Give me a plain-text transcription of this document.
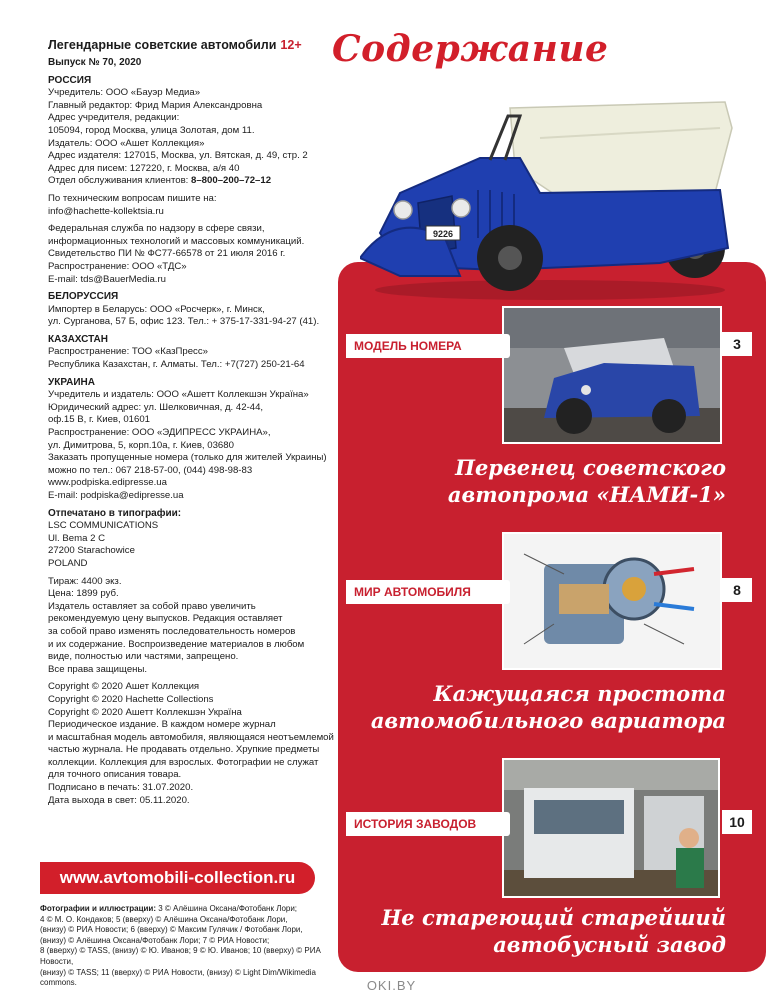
Легендарные советские автомобили 12+
Выпуск № 70, 2020
РОССИЯ
Учредитель: ООО «Бауэр Медиа»
Главный редактор: Фрид Мария Александровна
Адрес учредителя, редакции:
105094, город Москва, улица Золотая, дом 11.
Издатель: ООО «Ашет Коллекция»
Адрес издателя: 127015, Москва, ул. Вятская, д. 49, стр. 2
Адрес для писем: 127220, г. Москва, а/я 40
Отдел обслуживания клиентов: 8–800–200–72–12
По техническим вопросам пишите на:
info@hachette-kollektsia.ru
Федеральная служба по надзору в сфере связи,
информационных технологий и массовых коммуникаций.
Свидетельство ПИ № ФС77-66578 от 21 июля 2016 г.
Распространение: ООО «ТДС»
E-mail: tds@BauerMedia.ru
БЕЛОРУССИЯ
Импортер в Беларусь: ООО «Росчерк», г. Минск,
ул. Сурганова, 57 Б, офис 123. Тел.: + 375-17-331-94-27 (41).
КАЗАХСТАН
Распространение: ТОО «КазПресс»
Республика Казахстан, г. Алматы. Тел.: +7(727) 250-21-64
УКРАИНА
Учредитель и издатель: ООО «Ашетт Коллекшэн Україна»
Юридический адрес: ул. Шелковичная, д. 42-44,
оф.15 В, г. Киев, 01601
Распространение: ООО «ЭДИПРЕСС УКРАИНА»,
ул. Димитрова, 5, корп.10а, г. Киев, 03680
Заказать пропущенные номера (только для жителей Украины)
можно по тел.: 067 218-57-00, (044) 498-98-83
www.podpiska.edipresse.ua
E-mail: podpiska@edipresse.ua
Отпечатано в типографии:
LSC COMMUNICATIONS
Ul. Bema 2 C
27200 Starachowice
POLAND
Тираж: 4400 экз.
Цена: 1899 руб.
Издатель оставляет за собой право увеличить
рекомендуемую цену выпусков. Редакция оставляет
за собой право изменять последовательность номеров
и их содержание. Воспроизведение материалов в любом
виде, полностью или частями, запрещено.
Все права защищены.
Copyright © 2020 Ашет Коллекция
Copyright © 2020 Hachette Collections
Copyright © 2020 Ашетт Коллекшэн Україна
Периодическое издание. В каждом номере журнал
и масштабная модель автомобиля, являющаяся неотъемлемой
частью журнала. Не продавать отдельно. Хрупкие предметы
коллекции. Коллекция для взрослых. Фотографии не служат
для точного описания товара.
Подписано в печать: 31.07.2020.
Дата выхода в свет: 05.11.2020.
www.avtomobili-collection.ru
Фотографии и иллюстрации: 3 © Алёшина Оксана/Фотобанк Лори;
4 © М. О. Кондаков; 5 (вверху) © Алёшина Оксана/Фотобанк Лори,
(внизу) © РИА Новости; 6 (вверху) © Максим Гулячик / Фотобанк Лори,
(внизу) © Алёшина Оксана/Фотобанк Лори; 7 © РИА Новости;
8 (вверху) © TASS, (внизу) © Ю. Иванов; 9 © Ю. Иванов; 10 (вверху) © РИА Новости,
(внизу) © TASS; 11 (вверху) © РИА Новости, (внизу) © Light Dim/Wikimedia commons.
Содержание
9226
МОДЕЛЬ НОМЕРА	3
Первенец советского
автопрома «НАМИ-1»
МИР АВТОМОБИЛЯ	8
Кажущаяся простота
автомобильного вариатора
ИСТОРИЯ ЗАВОДОВ	10
Не стареющий старейший
автобусный завод
OKI.BY
